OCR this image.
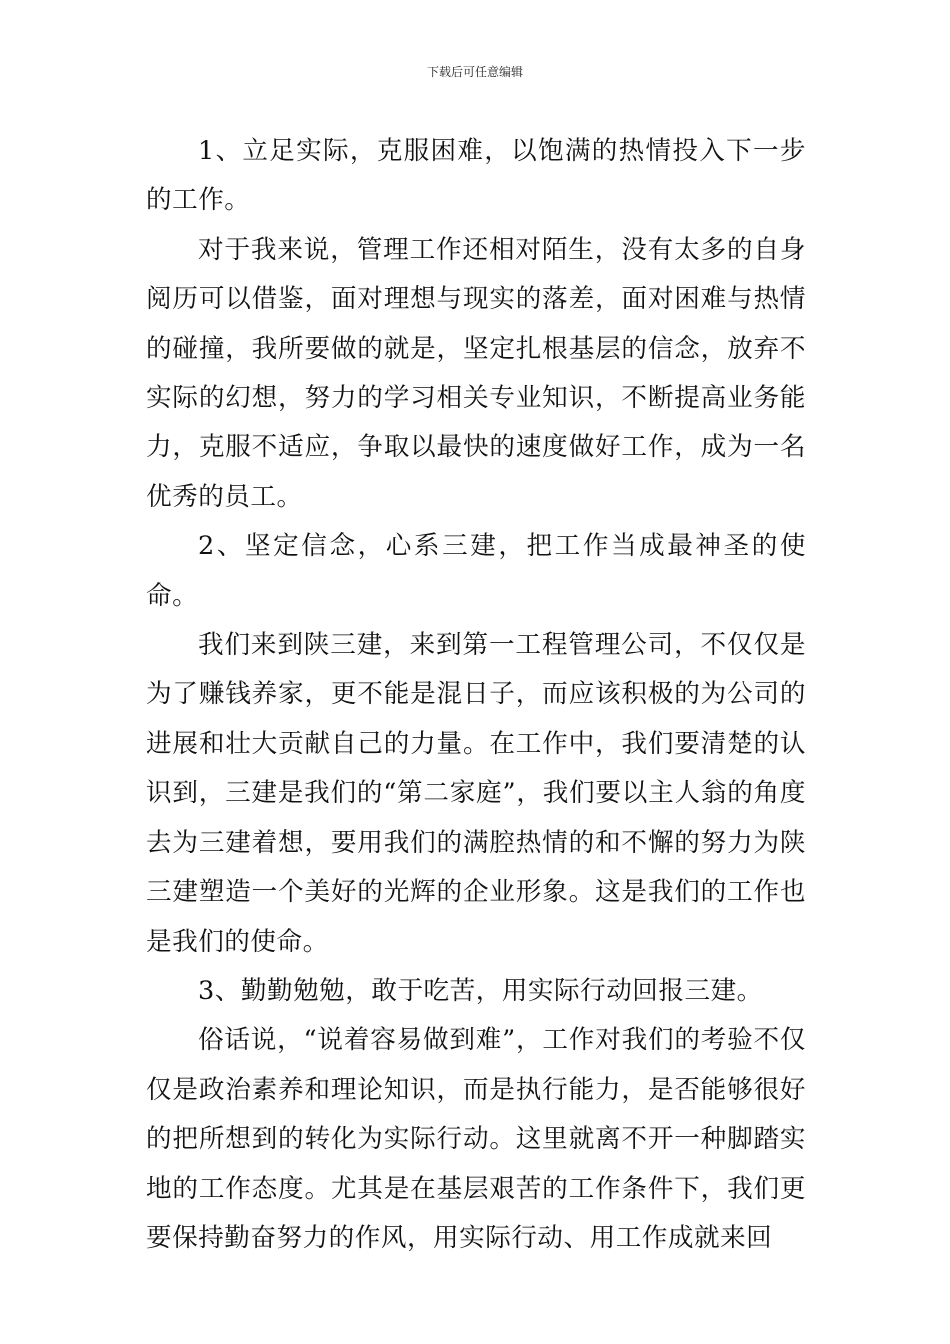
下载后可任意编辑

1、立足实际，克服困难，以饱满的热情投入下一步的工作。

对于我来说，管理工作还相对陌生，没有太多的自身阅历可以借鉴，面对理想与现实的落差，面对困难与热情的碰撞，我所要做的就是，坚定扎根基层的信念，放弃不实际的幻想，努力的学习相关专业知识，不断提高业务能力，克服不适应，争取以最快的速度做好工作，成为一名优秀的员工。

2、坚定信念，心系三建，把工作当成最神圣的使命。

我们来到陕三建，来到第一工程管理公司，不仅仅是为了赚钱养家，更不能是混日子，而应该积极的为公司的进展和壮大贡献自己的力量。在工作中，我们要清楚的认识到，三建是我们的“第二家庭”，我们要以主人翁的角度去为三建着想，要用我们的满腔热情的和不懈的努力为陕三建塑造一个美好的光辉的企业形象。这是我们的工作也是我们的使命。

3、勤勤勉勉，敢于吃苦，用实际行动回报三建。

俗话说，“说着容易做到难”，工作对我们的考验不仅仅是政治素养和理论知识，而是执行能力，是否能够很好的把所想到的转化为实际行动。这里就离不开一种脚踏实地的工作态度。尤其是在基层艰苦的工作条件下，我们更要保持勤奋努力的作风，用实际行动、用工作成就来回
